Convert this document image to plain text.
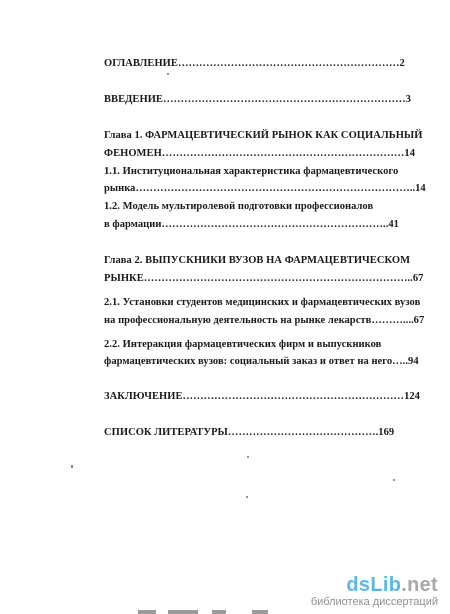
ОГЛАВЛЕНИЕ………………………………………………………2
ВВЕДЕНИЕ……………………………………………………………3
Глава 1. ФАРМАЦЕВТИЧЕСКИЙ РЫНОК КАК СОЦИАЛЬНЫЙ
ФЕНОМЕН……………………………………………………………14
1.1. Институциональная характеристика фармацевтического
рынка……………………………………………………………………..14
1.2. Модель мультиролевой подготовки профессионалов
в фармации………………………………………………………..41
Глава 2. ВЫПУСКНИКИ ВУЗОВ НА ФАРМАЦЕВТИЧЕСКОМ
РЫНКЕ…………………………………………………………………..67
2.1. Установки студентов медицинских и фармацевтических вузов
на профессиональную деятельность на рынке лекарств………....67
2.2. Интеракция фармацевтических фирм и выпускников
фармацевтических вузов: социальный заказ и ответ на него…..94
ЗАКЛЮЧЕНИЕ………………………………………………………124
СПИСОК ЛИТЕРАТУРЫ…………………………………….169
dsLib.net
библиотека диссертаций
